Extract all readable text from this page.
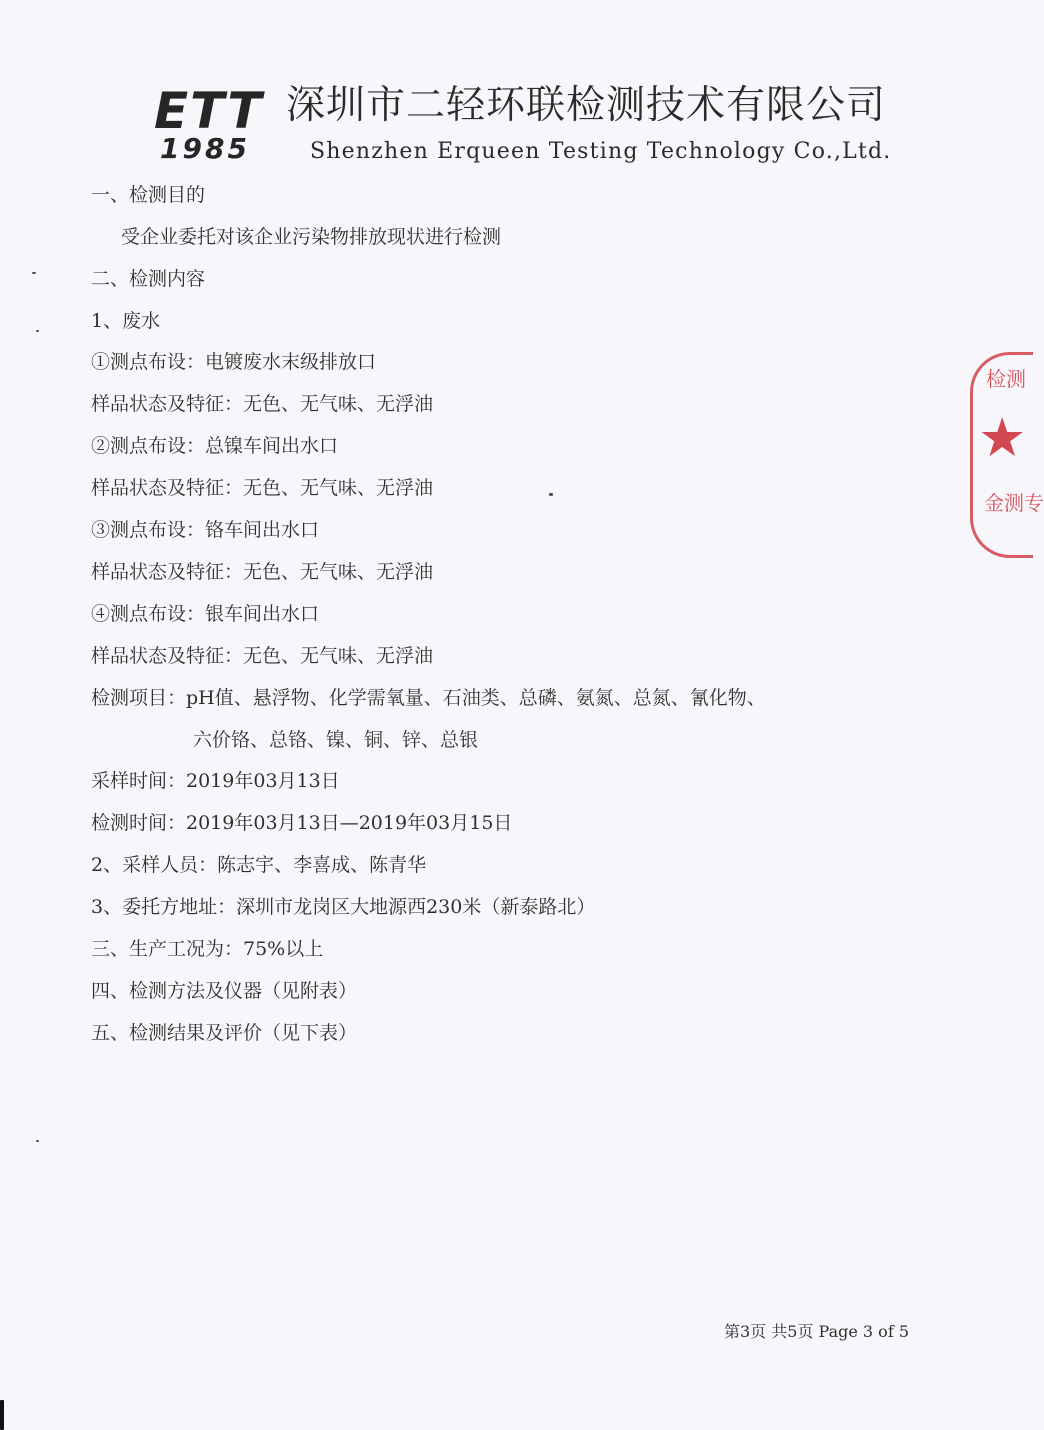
ETT
1985
深圳市二轻环联检测技术有限公司
Shenzhen Erqueen Testing Technology Co.,Ltd.
一、检测目的
受企业委托对该企业污染物排放现状进行检测
二、检测内容
1、废水
①测点布设：电镀废水末级排放口
样品状态及特征：无色、无气味、无浮油
②测点布设：总镍车间出水口
样品状态及特征：无色、无气味、无浮油
③测点布设：铬车间出水口
样品状态及特征：无色、无气味、无浮油
④测点布设：银车间出水口
样品状态及特征：无色、无气味、无浮油
检测项目：pH值、悬浮物、化学需氧量、石油类、总磷、氨氮、总氮、氰化物、
六价铬、总铬、镍、铜、锌、总银
采样时间：2019年03月13日
检测时间：2019年03月13日—2019年03月15日
2、采样人员：陈志宇、李喜成、陈青华
3、委托方地址：深圳市龙岗区大地源西230米（新泰路北）
三、生产工况为：75%以上
四、检测方法及仪器（见附表）
五、检测结果及评价（见下表）
检测
★
金测专
第3页 共5页 Page 3 of 5
